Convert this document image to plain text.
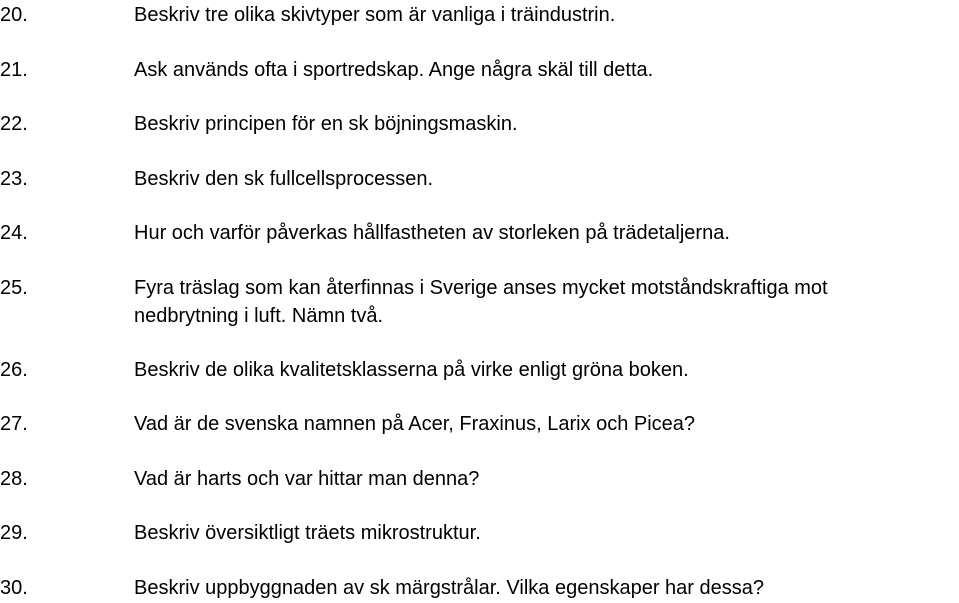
20.	Beskriv tre olika skivtyper som är vanliga i träindustrin.
21.	Ask används ofta i sportredskap. Ange några skäl till detta.
22.	Beskriv principen för en sk böjningsmaskin.
23.	Beskriv den sk fullcellsprocessen.
24.	Hur och varför påverkas hållfastheten av storleken på trädetaljerna.
25.	Fyra träslag som kan återfinnas i Sverige anses mycket motståndskraftiga mot
nedbrytning i luft. Nämn två.
26.	Beskriv de olika kvalitetsklasserna på virke enligt gröna boken.
27.	Vad är de svenska namnen på Acer, Fraxinus, Larix och Picea?
28.	Vad är harts och var hittar man denna?
29.	Beskriv översiktligt träets mikrostruktur.
30.	Beskriv uppbyggnaden av sk märgstrålar. Vilka egenskaper har dessa?
